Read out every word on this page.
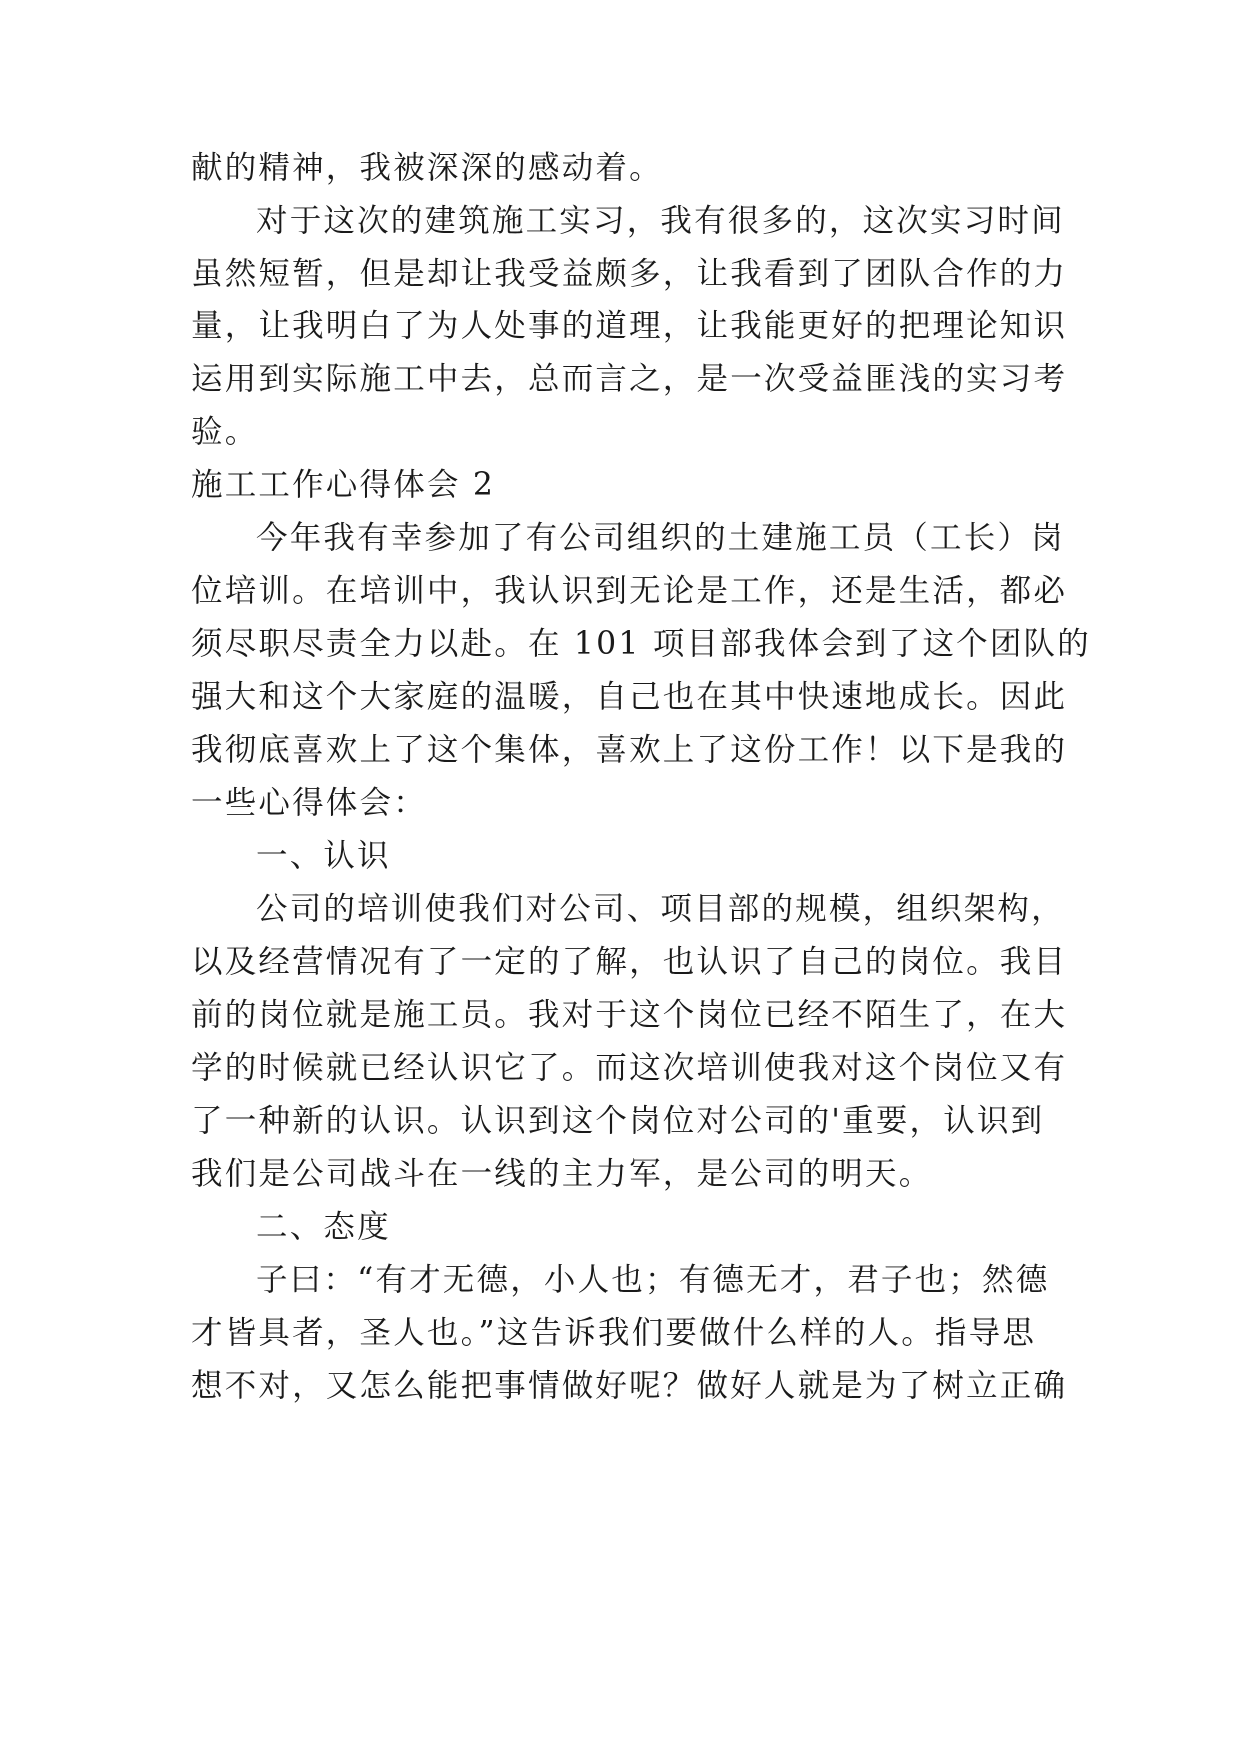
献的精神，我被深深的感动着。
对于这次的建筑施工实习，我有很多的，这次实习时间
虽然短暂，但是却让我受益颇多，让我看到了团队合作的力
量，让我明白了为人处事的道理，让我能更好的把理论知识
运用到实际施工中去，总而言之，是一次受益匪浅的实习考
验。
施工工作心得体会 2
今年我有幸参加了有公司组织的土建施工员（工长）岗
位培训。在培训中，我认识到无论是工作，还是生活，都必
须尽职尽责全力以赴。在 101 项目部我体会到了这个团队的
强大和这个大家庭的温暖，自己也在其中快速地成长。因此
我彻底喜欢上了这个集体，喜欢上了这份工作！以下是我的
一些心得体会：
一、认识
公司的培训使我们对公司、项目部的规模，组织架构，
以及经营情况有了一定的了解，也认识了自己的岗位。我目
前的岗位就是施工员。我对于这个岗位已经不陌生了，在大
学的时候就已经认识它了。而这次培训使我对这个岗位又有
了一种新的认识。认识到这个岗位对公司的'重要，认识到
我们是公司战斗在一线的主力军，是公司的明天。
二、态度
子曰：“有才无德，小人也；有德无才，君子也；然德
才皆具者，圣人也。”这告诉我们要做什么样的人。指导思
想不对，又怎么能把事情做好呢？做好人就是为了树立正确
